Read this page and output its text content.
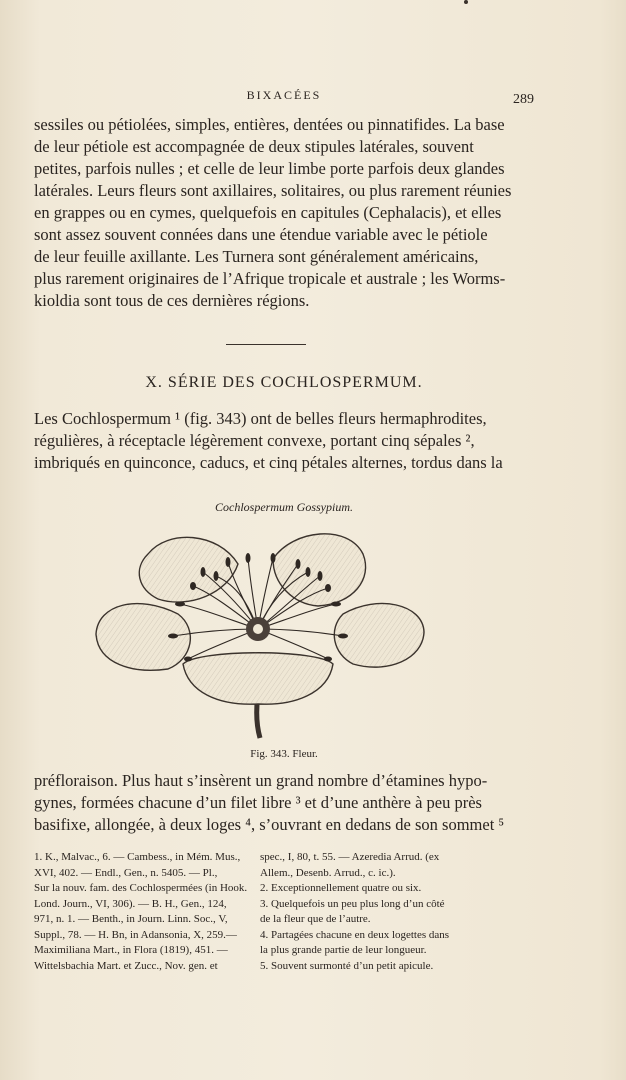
BIXACÉES	289
sessiles ou pétiolées, simples, entières, dentées ou pinnatifides. La base
de leur pétiole est accompagnée de deux stipules latérales, souvent
petites, parfois nulles ; et celle de leur limbe porte parfois deux glandes
latérales. Leurs fleurs sont axillaires, solitaires, ou plus rarement réunies
en grappes ou en cymes, quelquefois en capitules (Cephalacis), et elles
sont assez souvent connées dans une étendue variable avec le pétiole
de leur feuille axillante. Les Turnera sont généralement américains,
plus rarement originaires de l’Afrique tropicale et australe ; les Worms-
kioldia sont tous de ces dernières régions.
X. SÉRIE DES COCHLOSPERMUM.
Les Cochlospermum ¹ (fig. 343) ont de belles fleurs hermaphrodites,
régulières, à réceptacle légèrement convexe, portant cinq sépales ²,
imbriqués en quinconce, caducs, et cinq pétales alternes, tordus dans la
Cochlospermum Gossypium.
Fig. 343. Fleur.
préfloraison. Plus haut s’insèrent un grand nombre d’étamines hypo-
gynes, formées chacune d’un filet libre ³ et d’une anthère à peu près
basifixe, allongée, à deux loges ⁴, s’ouvrant en dedans de son sommet ⁵
1. K., Malvac., 6. — Cambess., in Mém. Mus.,
XVI, 402. — Endl., Gen., n. 5405. — Pl.,
Sur la nouv. fam. des Cochlospermées (in Hook.
Lond. Journ., VI, 306). — B. H., Gen., 124,
971, n. 1. — Benth., in Journ. Linn. Soc., V,
Suppl., 78. — H. Bn, in Adansonia, X, 259.—
Maximiliana Mart., in Flora (1819), 451. —
Wittelsbachia Mart. et Zucc., Nov. gen. et
spec., I, 80, t. 55. — Azeredia Arrud. (ex
Allem., Desenb. Arrud., c. ic.).
2. Exceptionnellement quatre ou six.
3. Quelquefois un peu plus long d’un côté
de la fleur que de l’autre.
4. Partagées chacune en deux logettes dans
la plus grande partie de leur longueur.
5. Souvent surmonté d’un petit apicule.
